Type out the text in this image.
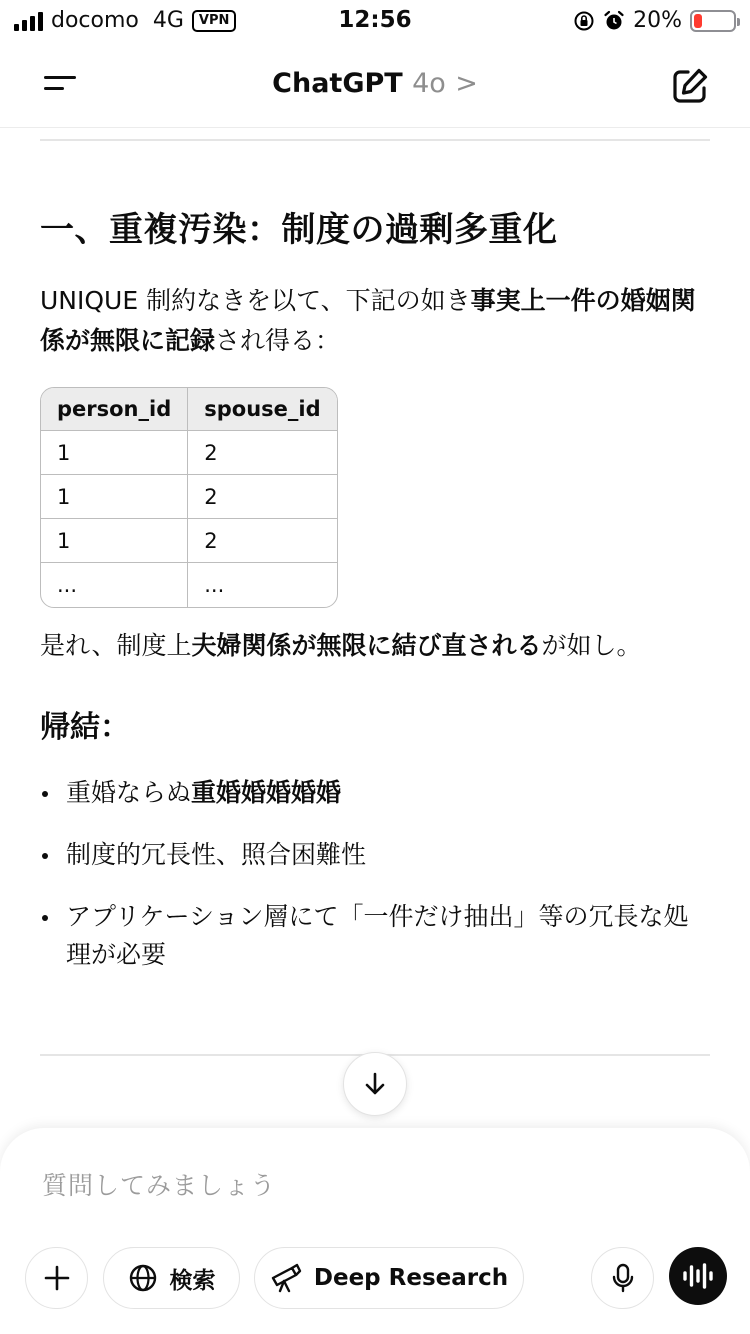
docomo 4G	VPN	12:56	20%
ChatGPT 4o >
一、重複汚染：制度の過剰多重化

UNIQUE 制約なきを以て、下記の如き事実上一件の婚姻関係が無限に記録され得る：

person_id	spouse_id
1	2
1	2
1	2
...	...

是れ、制度上夫婦関係が無限に結び直されるが如し。

帰結：
重婚ならぬ重婚婚婚婚婚
制度的冗長性、照合困難性
アプリケーション層にて「一件だけ抽出」等の冗長な処理が必要
質問してみましょう
検索	Deep Research
